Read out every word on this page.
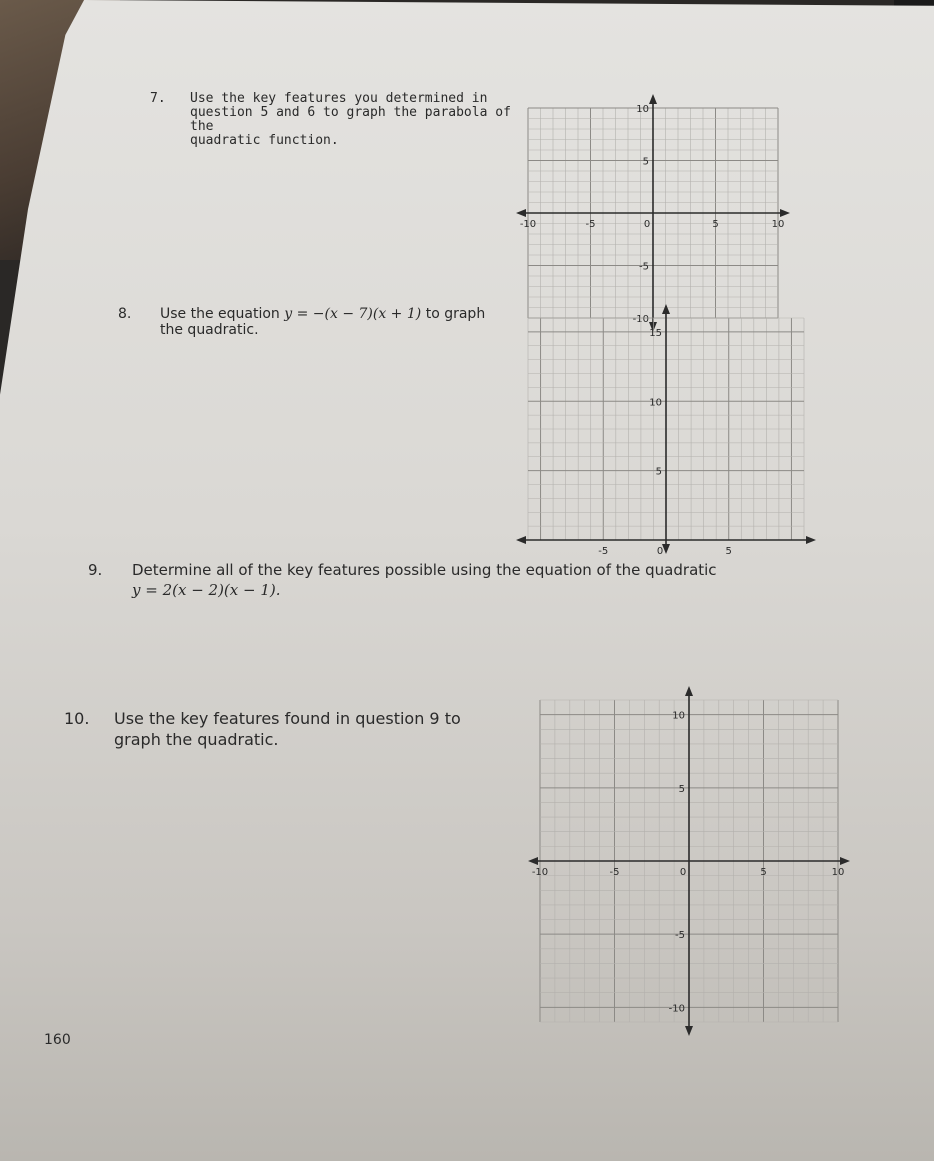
7. Use the key features you determined in
question 5 and 6 to graph the parabola of the
quadratic function.
8. Use the equation y = −(x − 7)(x + 1) to graph
the quadratic.
9. Determine all of the key features possible using the equation of the quadratic
y = 2(x − 2)(x − 1).
10. Use the key features found in question 9 to
graph the quadratic.
-10	-5	0	5	10
10
5
-5
-10
-5	0	5
15
10
5
-10	-5	0	5	10
10
5
-5
-10
160
